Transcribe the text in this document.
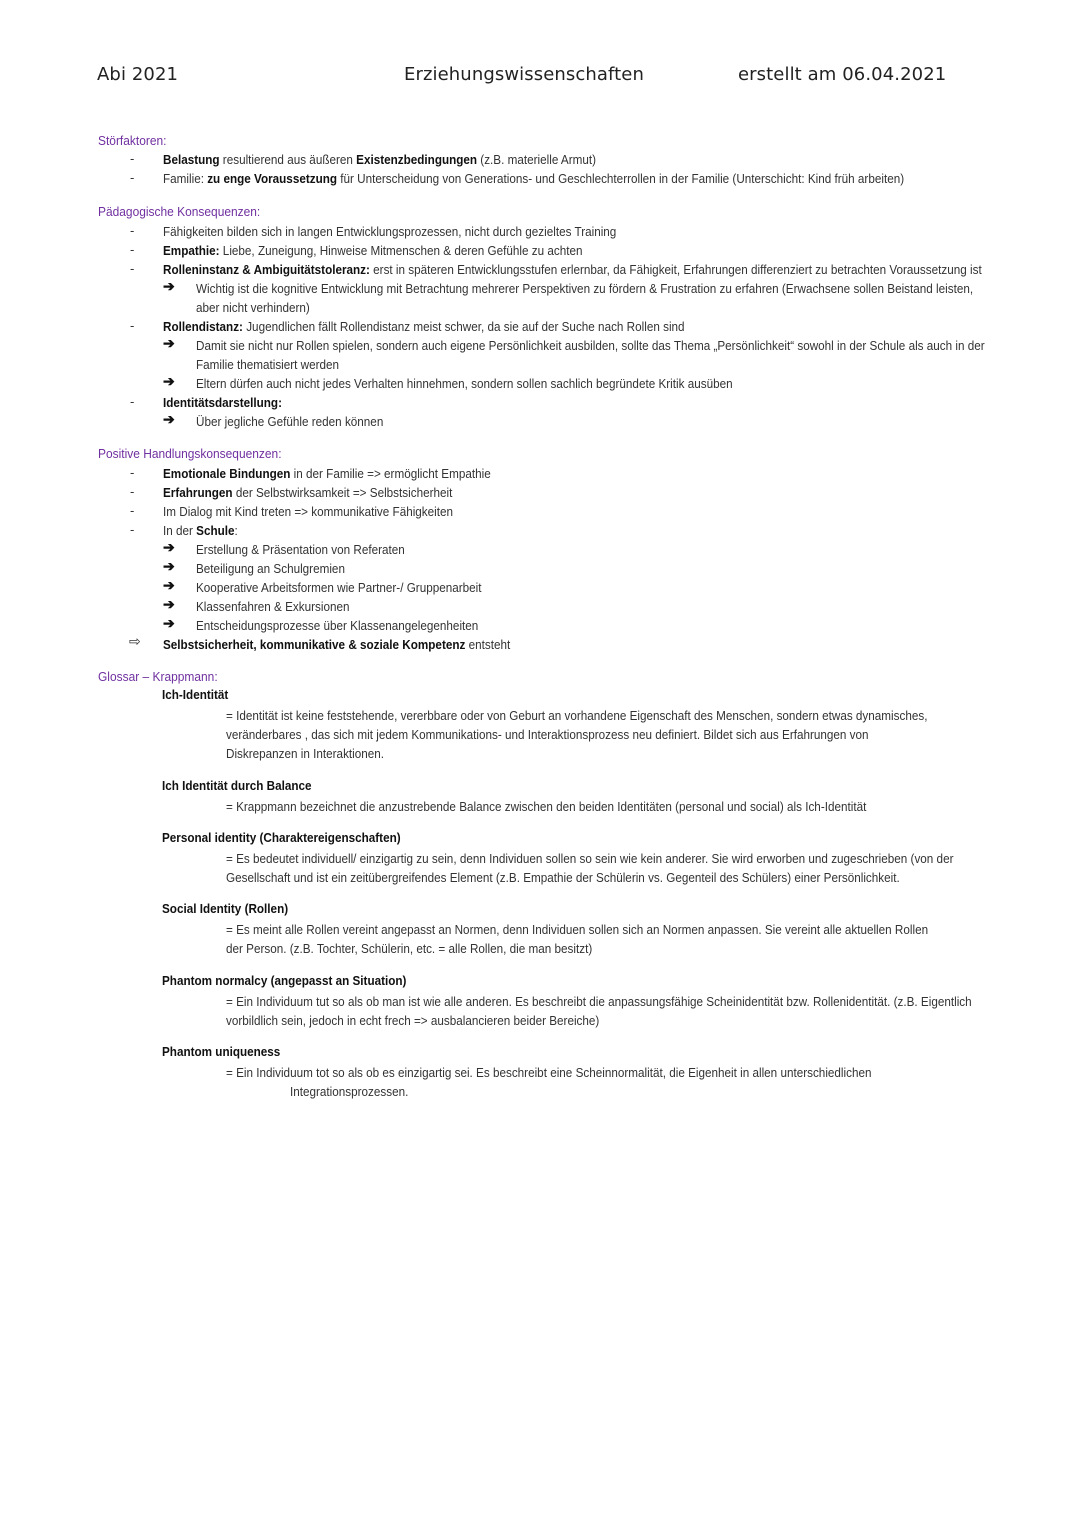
Abi 2021	Erziehungswissenschaften	erstellt am 06.04.2021
Störfaktoren:
- Belastung resultierend aus äußeren Existenzbedingungen (z.B. materielle Armut)
- Familie: zu enge Voraussetzung für Unterscheidung von Generations- und Geschlechterrollen in der Familie (Unterschicht: Kind früh arbeiten)
Pädagogische Konsequenzen:
- Fähigkeiten bilden sich in langen Entwicklungsprozessen, nicht durch gezieltes Training
- Empathie: Liebe, Zuneigung, Hinweise Mitmenschen & deren Gefühle zu achten
- Rolleninstanz & Ambiguitätstoleranz: erst in späteren Entwicklungsstufen erlernbar, da Fähigkeit, Erfahrungen differenziert zu betrachten Voraussetzung ist
➔ Wichtig ist die kognitive Entwicklung mit Betrachtung mehrerer Perspektiven zu fördern & Frustration zu erfahren (Erwachsene sollen Beistand leisten,
aber nicht verhindern)
- Rollendistanz: Jugendlichen fällt Rollendistanz meist schwer, da sie auf der Suche nach Rollen sind
➔ Damit sie nicht nur Rollen spielen, sondern auch eigene Persönlichkeit ausbilden, sollte das Thema „Persönlichkeit“ sowohl in der Schule als auch in der
Familie thematisiert werden
➔ Eltern dürfen auch nicht jedes Verhalten hinnehmen, sondern sollen sachlich begründete Kritik ausüben
- Identitätsdarstellung:
➔ Über jegliche Gefühle reden können
Positive Handlungskonsequenzen:
- Emotionale Bindungen in der Familie => ermöglicht Empathie
- Erfahrungen der Selbstwirksamkeit => Selbstsicherheit
- Im Dialog mit Kind treten => kommunikative Fähigkeiten
- In der Schule:
➔ Erstellung & Präsentation von Referaten
➔ Beteiligung an Schulgremien
➔ Kooperative Arbeitsformen wie Partner-/ Gruppenarbeit
➔ Klassenfahren & Exkursionen
➔ Entscheidungsprozesse über Klassenangelegenheiten
⇨ Selbstsicherheit, kommunikative & soziale Kompetenz entsteht
Glossar – Krappmann:
Ich-Identität
= Identität ist keine feststehende, vererbbare oder von Geburt an vorhandene Eigenschaft des Menschen, sondern etwas dynamisches,
veränderbares , das sich mit jedem Kommunikations- und Interaktionsprozess neu definiert. Bildet sich aus Erfahrungen von
Diskrepanzen in Interaktionen.
Ich Identität durch Balance
= Krappmann bezeichnet die anzustrebende Balance zwischen den beiden Identitäten (personal und social) als Ich-Identität
Personal identity (Charaktereigenschaften)
= Es bedeutet individuell/ einzigartig zu sein, denn Individuen sollen so sein wie kein anderer. Sie wird erworben und zugeschrieben (von der
Gesellschaft und ist ein zeitübergreifendes Element (z.B. Empathie der Schülerin vs. Gegenteil des Schülers) einer Persönlichkeit.
Social Identity (Rollen)
= Es meint alle Rollen vereint angepasst an Normen, denn Individuen sollen sich an Normen anpassen. Sie vereint alle aktuellen Rollen
der Person. (z.B. Tochter, Schülerin, etc. = alle Rollen, die man besitzt)
Phantom normalcy (angepasst an Situation)
= Ein Individuum tut so als ob man ist wie alle anderen. Es beschreibt die anpassungsfähige Scheinidentität bzw. Rollenidentität. (z.B. Eigentlich
vorbildlich sein, jedoch in echt frech => ausbalancieren beider Bereiche)
Phantom uniqueness
= Ein Individuum tot so als ob es einzigartig sei. Es beschreibt eine Scheinnormalität, die Eigenheit in allen unterschiedlichen
Integrationsprozessen.
